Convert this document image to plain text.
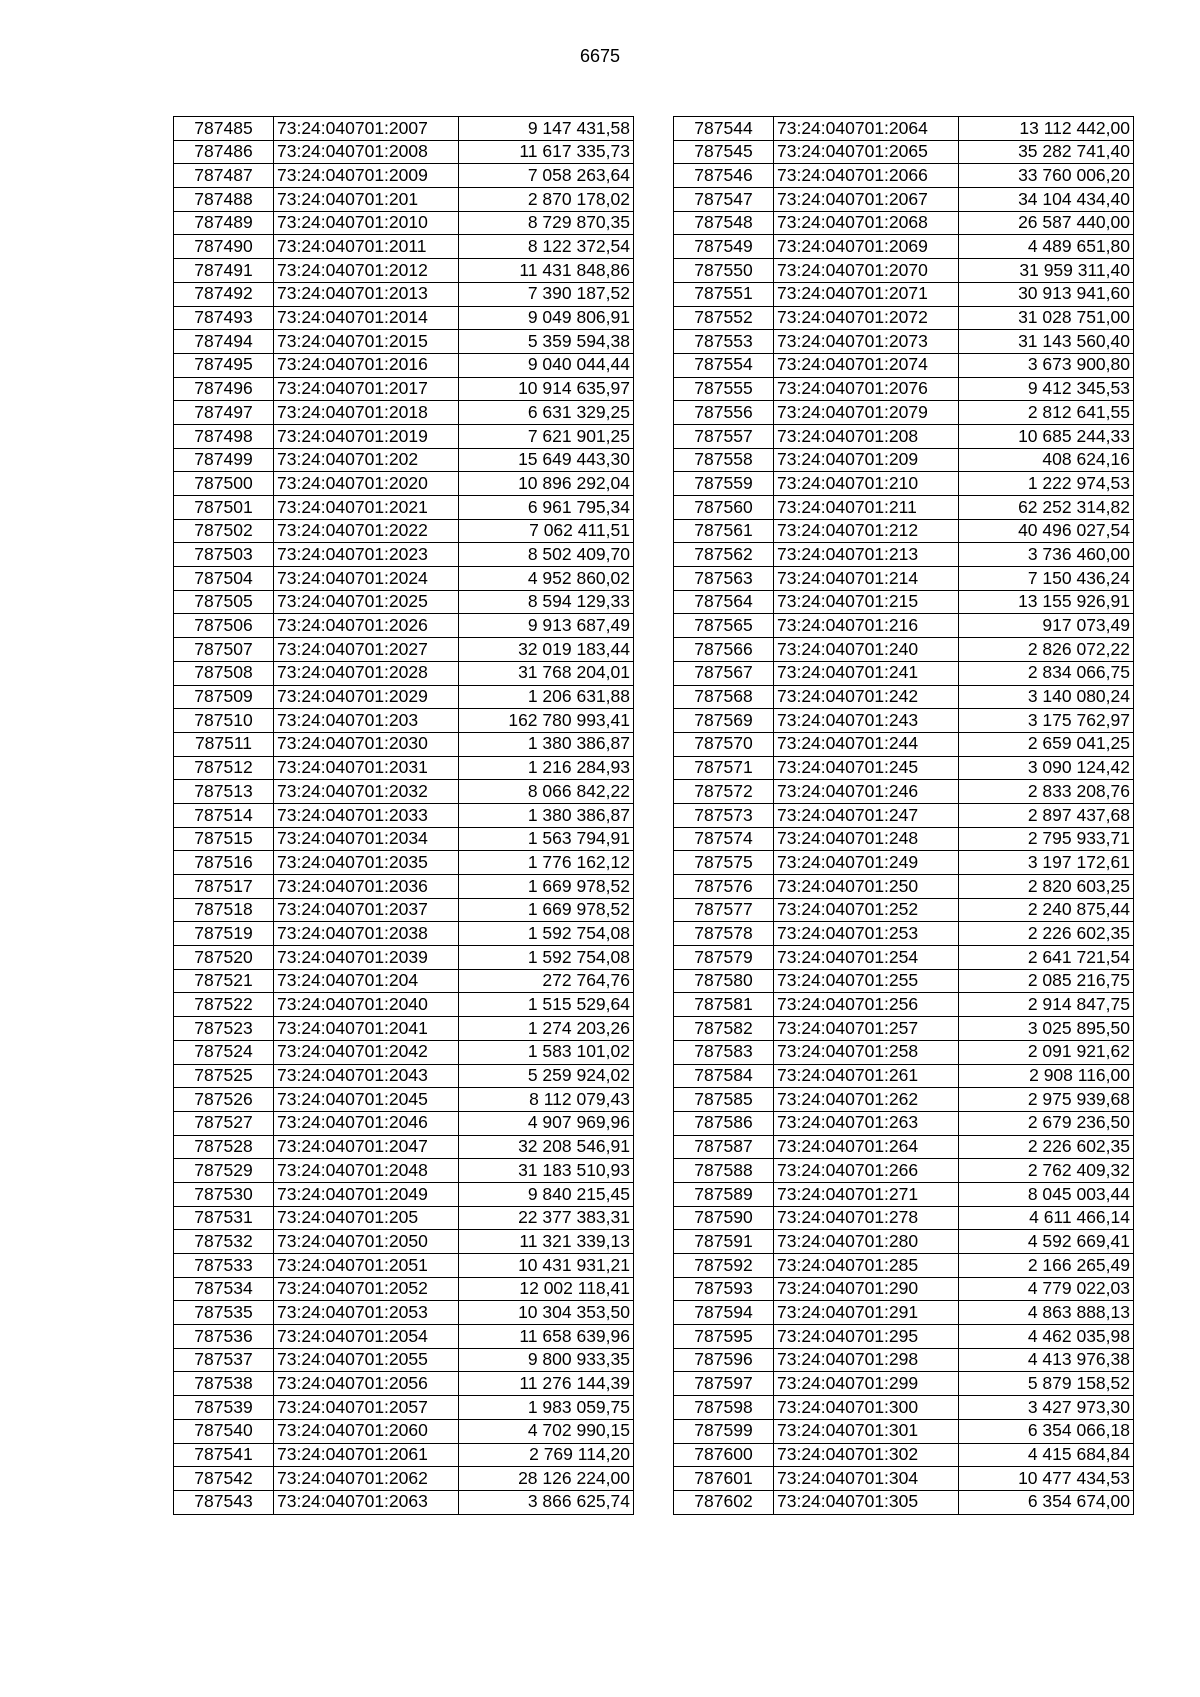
6675
787485	73:24:040701:2007	9 147 431,58
787486	73:24:040701:2008	11 617 335,73
787487	73:24:040701:2009	7 058 263,64
787488	73:24:040701:201	2 870 178,02
787489	73:24:040701:2010	8 729 870,35
787490	73:24:040701:2011	8 122 372,54
787491	73:24:040701:2012	11 431 848,86
787492	73:24:040701:2013	7 390 187,52
787493	73:24:040701:2014	9 049 806,91
787494	73:24:040701:2015	5 359 594,38
787495	73:24:040701:2016	9 040 044,44
787496	73:24:040701:2017	10 914 635,97
787497	73:24:040701:2018	6 631 329,25
787498	73:24:040701:2019	7 621 901,25
787499	73:24:040701:202	15 649 443,30
787500	73:24:040701:2020	10 896 292,04
787501	73:24:040701:2021	6 961 795,34
787502	73:24:040701:2022	7 062 411,51
787503	73:24:040701:2023	8 502 409,70
787504	73:24:040701:2024	4 952 860,02
787505	73:24:040701:2025	8 594 129,33
787506	73:24:040701:2026	9 913 687,49
787507	73:24:040701:2027	32 019 183,44
787508	73:24:040701:2028	31 768 204,01
787509	73:24:040701:2029	1 206 631,88
787510	73:24:040701:203	162 780 993,41
787511	73:24:040701:2030	1 380 386,87
787512	73:24:040701:2031	1 216 284,93
787513	73:24:040701:2032	8 066 842,22
787514	73:24:040701:2033	1 380 386,87
787515	73:24:040701:2034	1 563 794,91
787516	73:24:040701:2035	1 776 162,12
787517	73:24:040701:2036	1 669 978,52
787518	73:24:040701:2037	1 669 978,52
787519	73:24:040701:2038	1 592 754,08
787520	73:24:040701:2039	1 592 754,08
787521	73:24:040701:204	272 764,76
787522	73:24:040701:2040	1 515 529,64
787523	73:24:040701:2041	1 274 203,26
787524	73:24:040701:2042	1 583 101,02
787525	73:24:040701:2043	5 259 924,02
787526	73:24:040701:2045	8 112 079,43
787527	73:24:040701:2046	4 907 969,96
787528	73:24:040701:2047	32 208 546,91
787529	73:24:040701:2048	31 183 510,93
787530	73:24:040701:2049	9 840 215,45
787531	73:24:040701:205	22 377 383,31
787532	73:24:040701:2050	11 321 339,13
787533	73:24:040701:2051	10 431 931,21
787534	73:24:040701:2052	12 002 118,41
787535	73:24:040701:2053	10 304 353,50
787536	73:24:040701:2054	11 658 639,96
787537	73:24:040701:2055	9 800 933,35
787538	73:24:040701:2056	11 276 144,39
787539	73:24:040701:2057	1 983 059,75
787540	73:24:040701:2060	4 702 990,15
787541	73:24:040701:2061	2 769 114,20
787542	73:24:040701:2062	28 126 224,00
787543	73:24:040701:2063	3 866 625,74
787544	73:24:040701:2064	13 112 442,00
787545	73:24:040701:2065	35 282 741,40
787546	73:24:040701:2066	33 760 006,20
787547	73:24:040701:2067	34 104 434,40
787548	73:24:040701:2068	26 587 440,00
787549	73:24:040701:2069	4 489 651,80
787550	73:24:040701:2070	31 959 311,40
787551	73:24:040701:2071	30 913 941,60
787552	73:24:040701:2072	31 028 751,00
787553	73:24:040701:2073	31 143 560,40
787554	73:24:040701:2074	3 673 900,80
787555	73:24:040701:2076	9 412 345,53
787556	73:24:040701:2079	2 812 641,55
787557	73:24:040701:208	10 685 244,33
787558	73:24:040701:209	408 624,16
787559	73:24:040701:210	1 222 974,53
787560	73:24:040701:211	62 252 314,82
787561	73:24:040701:212	40 496 027,54
787562	73:24:040701:213	3 736 460,00
787563	73:24:040701:214	7 150 436,24
787564	73:24:040701:215	13 155 926,91
787565	73:24:040701:216	917 073,49
787566	73:24:040701:240	2 826 072,22
787567	73:24:040701:241	2 834 066,75
787568	73:24:040701:242	3 140 080,24
787569	73:24:040701:243	3 175 762,97
787570	73:24:040701:244	2 659 041,25
787571	73:24:040701:245	3 090 124,42
787572	73:24:040701:246	2 833 208,76
787573	73:24:040701:247	2 897 437,68
787574	73:24:040701:248	2 795 933,71
787575	73:24:040701:249	3 197 172,61
787576	73:24:040701:250	2 820 603,25
787577	73:24:040701:252	2 240 875,44
787578	73:24:040701:253	2 226 602,35
787579	73:24:040701:254	2 641 721,54
787580	73:24:040701:255	2 085 216,75
787581	73:24:040701:256	2 914 847,75
787582	73:24:040701:257	3 025 895,50
787583	73:24:040701:258	2 091 921,62
787584	73:24:040701:261	2 908 116,00
787585	73:24:040701:262	2 975 939,68
787586	73:24:040701:263	2 679 236,50
787587	73:24:040701:264	2 226 602,35
787588	73:24:040701:266	2 762 409,32
787589	73:24:040701:271	8 045 003,44
787590	73:24:040701:278	4 611 466,14
787591	73:24:040701:280	4 592 669,41
787592	73:24:040701:285	2 166 265,49
787593	73:24:040701:290	4 779 022,03
787594	73:24:040701:291	4 863 888,13
787595	73:24:040701:295	4 462 035,98
787596	73:24:040701:298	4 413 976,38
787597	73:24:040701:299	5 879 158,52
787598	73:24:040701:300	3 427 973,30
787599	73:24:040701:301	6 354 066,18
787600	73:24:040701:302	4 415 684,84
787601	73:24:040701:304	10 477 434,53
787602	73:24:040701:305	6 354 674,00
